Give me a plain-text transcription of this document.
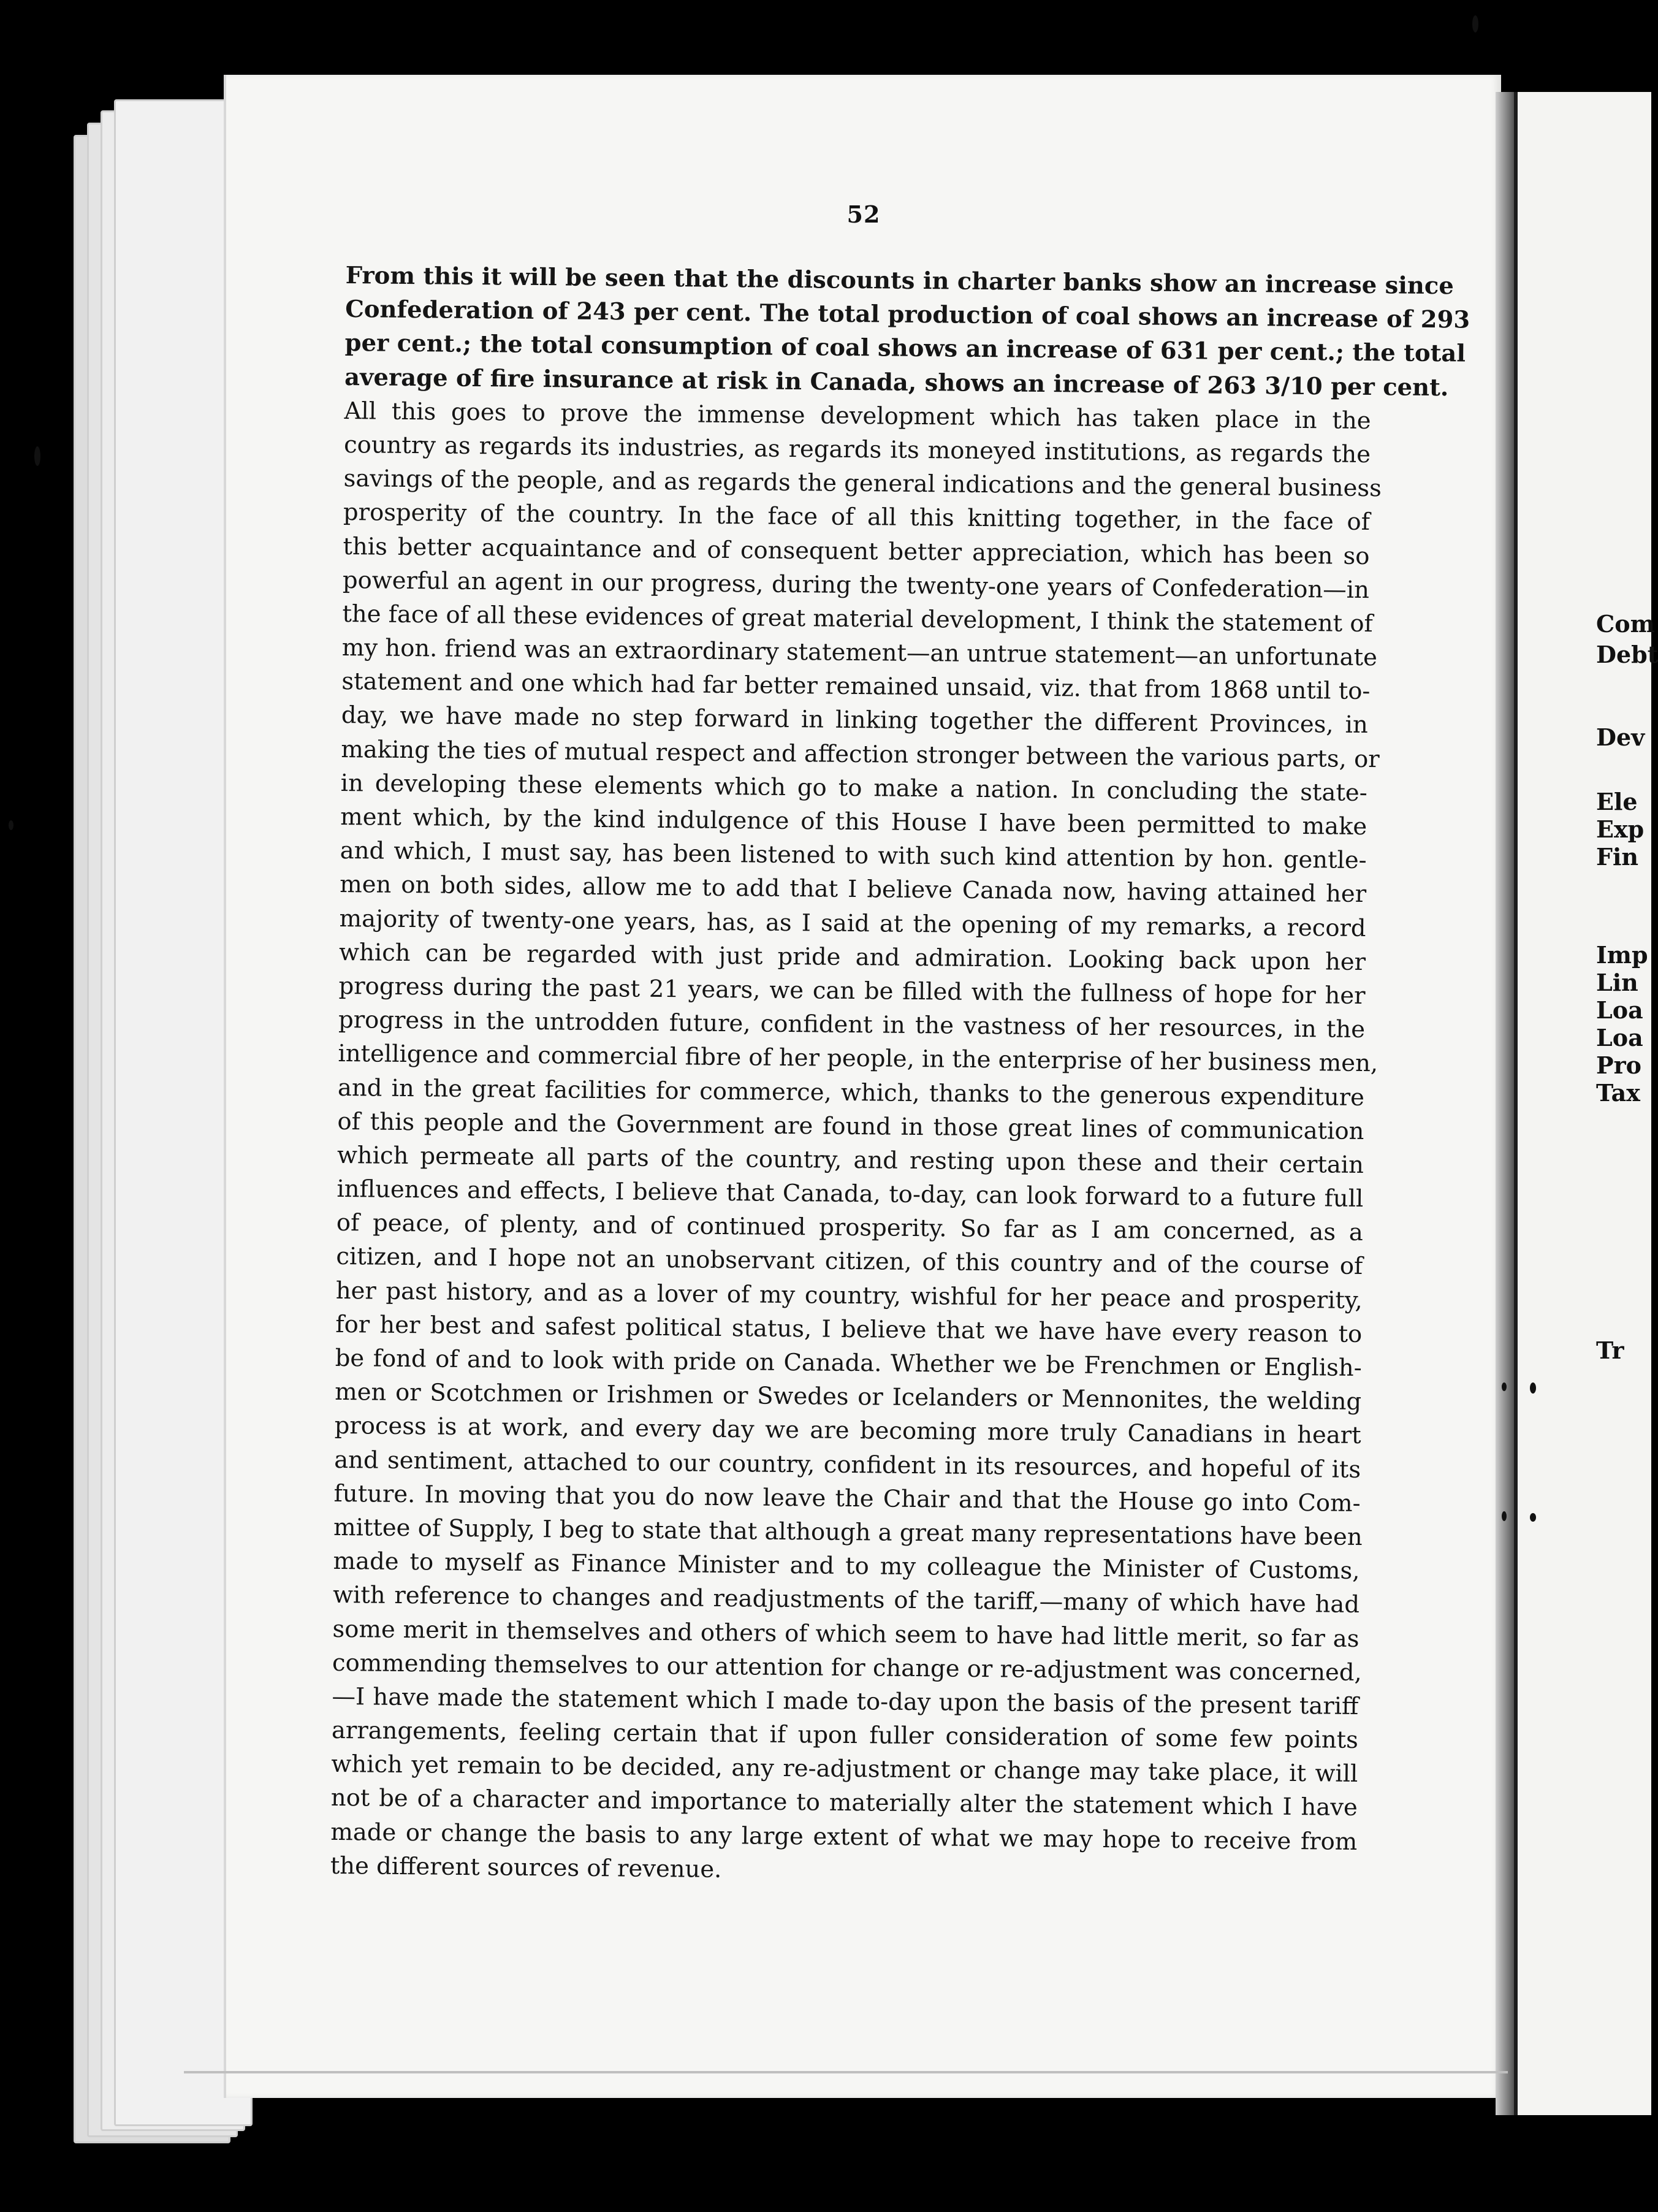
52
From this it will be seen that the discounts in charter banks show an increase since
Confederation of 243 per cent. The total production of coal shows an increase of 293
per cent.; the total consumption of coal shows an increase of 631 per cent.; the total
average of fire insurance at risk in Canada, shows an increase of 263 3/10 per cent.
All this goes to prove the immense development which has taken place in the
country as regards its industries, as regards its moneyed institutions, as regards the
savings of the people, and as regards the general indications and the general business
prosperity of the country. In the face of all this knitting together, in the face of
this better acquaintance and of consequent better appreciation, which has been so
powerful an agent in our progress, during the twenty-one years of Confederation—in
the face of all these evidences of great material development, I think the statement of
my hon. friend was an extraordinary statement—an untrue statement—an unfortunate
statement and one which had far better remained unsaid, viz. that from 1868 until to-
day, we have made no step forward in linking together the different Provinces, in
making the ties of mutual respect and affection stronger between the various parts, or
in developing these elements which go to make a nation. In concluding the state-
ment which, by the kind indulgence of this House I have been permitted to make
and which, I must say, has been listened to with such kind attention by hon. gentle-
men on both sides, allow me to add that I believe Canada now, having attained her
majority of twenty-one years, has, as I said at the opening of my remarks, a record
which can be regarded with just pride and admiration. Looking back upon her
progress during the past 21 years, we can be filled with the fullness of hope for her
progress in the untrodden future, confident in the vastness of her resources, in the
intelligence and commercial fibre of her people, in the enterprise of her business men,
and in the great facilities for commerce, which, thanks to the generous expenditure
of this people and the Government are found in those great lines of communication
which permeate all parts of the country, and resting upon these and their certain
influences and effects, I believe that Canada, to-day, can look forward to a future full
of peace, of plenty, and of continued prosperity. So far as I am concerned, as a
citizen, and I hope not an unobservant citizen, of this country and of the course of
her past history, and as a lover of my country, wishful for her peace and prosperity,
for her best and safest political status, I believe that we have have every reason to
be fond of and to look with pride on Canada. Whether we be Frenchmen or English-
men or Scotchmen or Irishmen or Swedes or Icelanders or Mennonites, the welding
process is at work, and every day we are becoming more truly Canadians in heart
and sentiment, attached to our country, confident in its resources, and hopeful of its
future. In moving that you do now leave the Chair and that the House go into Com-
mittee of Supply, I beg to state that although a great many representations have been
made to myself as Finance Minister and to my colleague the Minister of Customs,
with reference to changes and readjustments of the tariff,—many of which have had
some merit in themselves and others of which seem to have had little merit, so far as
commending themselves to our attention for change or re-adjustment was concerned,
—I have made the statement which I made to-day upon the basis of the present tariff
arrangements, feeling certain that if upon fuller consideration of some few points
which yet remain to be decided, any re-adjustment or change may take place, it will
not be of a character and importance to materially alter the statement which I have
made or change the basis to any large extent of what we may hope to receive from
the different sources of revenue.
Com
Debt
Dev
Ele
Exp
Fin
Imp
Lin
Loa
Loa
Pro
Tax
Tr
